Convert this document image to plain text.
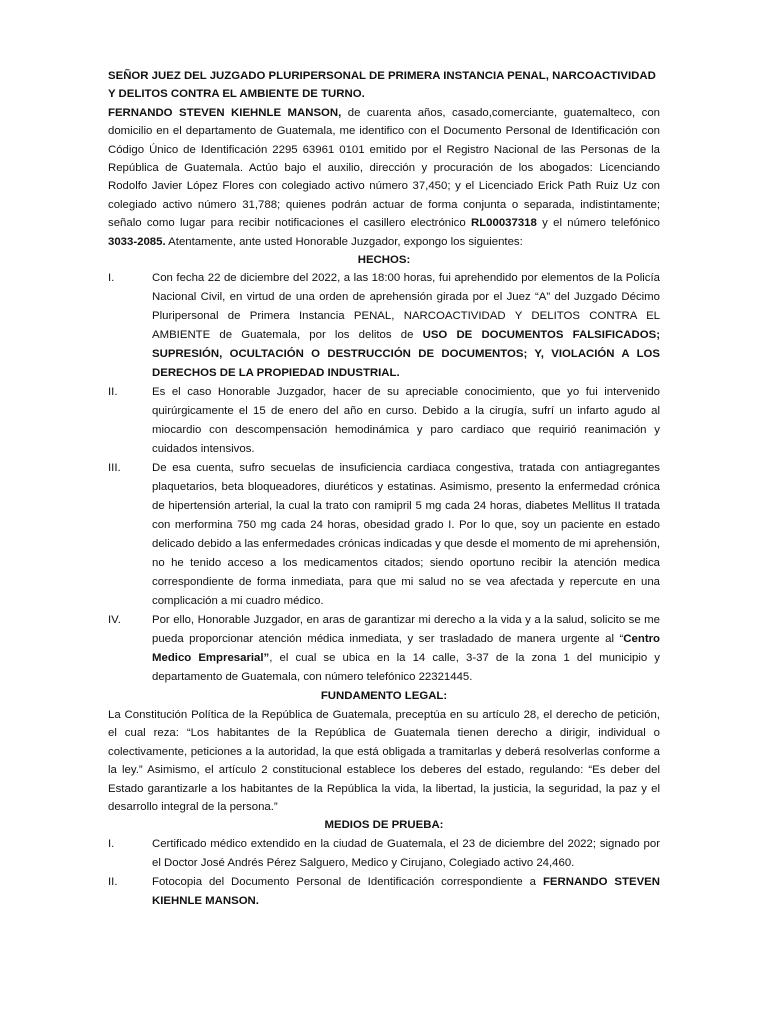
SEÑOR JUEZ DEL JUZGADO PLURIPERSONAL DE PRIMERA INSTANCIA PENAL, NARCOACTIVIDAD Y DELITOS CONTRA EL AMBIENTE DE TURNO.

FERNANDO STEVEN KIEHNLE MANSON, de cuarenta años, casado,comerciante, guatemalteco, con domicilio en el departamento de Guatemala, me identifico con el Documento Personal de Identificación con Código Único de Identificación 2295 63961 0101 emitido por el Registro Nacional de las Personas de la República de Guatemala. Actúo bajo el auxilio, dirección y procuración de los abogados: Licenciando Rodolfo Javier López Flores con colegiado activo número 37,450; y el Licenciado Erick Path Ruiz Uz con colegiado activo número 31,788; quienes podrán actuar de forma conjunta o separada, indistintamente; señalo como lugar para recibir notificaciones el casillero electrónico RL00037318 y el número telefónico 3033-2085. Atentamente, ante usted Honorable Juzgador, expongo los siguientes:

HECHOS:

I.	Con fecha 22 de diciembre del 2022, a las 18:00 horas, fui aprehendido por elementos de la Policía Nacional Civil, en virtud de una orden de aprehensión girada por el Juez “A” del Juzgado Décimo Pluripersonal de Primera Instancia PENAL, NARCOACTIVIDAD Y DELITOS CONTRA EL AMBIENTE de Guatemala, por los delitos de USO DE DOCUMENTOS FALSIFICADOS; SUPRESIÓN, OCULTACIÓN O DESTRUCCIÓN DE DOCUMENTOS; Y, VIOLACIÓN A LOS DERECHOS DE LA PROPIEDAD INDUSTRIAL.
II.	Es el caso Honorable Juzgador, hacer de su apreciable conocimiento, que yo fui intervenido quirúrgicamente el 15 de enero del año en curso. Debido a la cirugía, sufrí un infarto agudo al miocardio con descompensación hemodinámica y paro cardiaco que requirió reanimación y cuidados intensivos.
III.	De esa cuenta, sufro secuelas de insuficiencia cardiaca congestiva, tratada con antiagregantes plaquetarios, beta bloqueadores, diuréticos y estatinas. Asimismo, presento la enfermedad crónica de hipertensión arterial, la cual la trato con ramipril 5 mg cada 24 horas, diabetes Mellitus II tratada con merformina 750 mg cada 24 horas, obesidad grado I. Por lo que, soy un paciente en estado delicado debido a las enfermedades crónicas indicadas y que desde el momento de mi aprehensión, no he tenido acceso a los medicamentos citados; siendo oportuno recibir la atención medica correspondiente de forma inmediata, para que mi salud no se vea afectada y repercute en una complicación a mi cuadro médico.
IV.	Por ello, Honorable Juzgador, en aras de garantizar mi derecho a la vida y a la salud, solicito se me pueda proporcionar atención médica inmediata, y ser trasladado de manera urgente al “Centro Medico Empresarial”, el cual se ubica en la 14 calle, 3-37 de la zona 1 del municipio y departamento de Guatemala, con número telefónico 22321445.

FUNDAMENTO LEGAL:

La Constitución Política de la República de Guatemala, preceptúa en su artículo 28, el derecho de petición, el cual reza: “Los habitantes de la República de Guatemala tienen derecho a dirigir, individual o colectivamente, peticiones a la autoridad, la que está obligada a tramitarlas y deberá resolverlas conforme a la ley.” Asimismo, el artículo 2 constitucional establece los deberes del estado, regulando: “Es deber del Estado garantizarle a los habitantes de la República la vida, la libertad, la justicia, la seguridad, la paz y el desarrollo integral de la persona.”

MEDIOS DE PRUEBA:

I.	Certificado médico extendido en la ciudad de Guatemala, el 23 de diciembre del 2022; signado por el Doctor José Andrés Pérez Salguero, Medico y Cirujano, Colegiado activo 24,460.
II.	Fotocopia del Documento Personal de Identificación correspondiente a FERNANDO STEVEN KIEHNLE MANSON.
